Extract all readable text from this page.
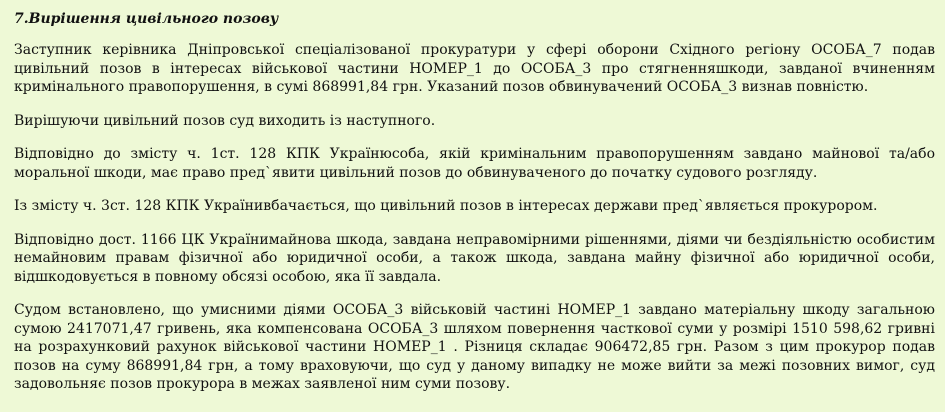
7.Вирішення цивільного позову

Заступник керівника Дніпровської спеціалізованої прокуратури у сфері оборони Східного регіону ОСОБА_7 подав цивільний позов в інтересах військової частини НОМЕР_1 до ОСОБА_3 про стягненняшкоди, завданої вчиненням кримінального правопорушення, в сумі 868991,84 грн. Указаний позов обвинувачений ОСОБА_3 визнав повністю.

Вирішуючи цивільний позов суд виходить із наступного.

Відповідно до змісту ч. 1ст. 128 КПК Українюсоба, якій кримінальним правопорушенням завдано майнової та/або моральної шкоди, має право пред`явити цивільний позов до обвинуваченого до початку судового розгляду.

Із змісту ч. 3ст. 128 КПК Українивбачається, що цивільний позов в інтересах держави пред`являється прокурором.

Відповідно дост. 1166 ЦК Українимайнова шкода, завдана неправомірними рішеннями, діями чи бездіяльністю особистим немайновим правам фізичної або юридичної особи, а також шкода, завдана майну фізичної або юридичної особи, відшкодовується в повному обсязі особою, яка її завдала.

Судом встановлено, що умисними діями ОСОБА_3 військовій частині НОМЕР_1 завдано матеріальну шкоду загальною сумою 2417071,47 гривень, яка компенсована ОСОБА_3 шляхом повернення часткової суми у розмірі 1510 598,62 гривні на розрахунковий рахунок військової частини НОМЕР_1 . Різниця складає 906472,85 грн. Разом з цим прокурор подав позов на суму 868991,84 грн, а тому враховуючи, що суд у даному випадку не може вийти за межі позовних вимог, суд задовольняє позов прокурора в межах заявленої ним суми позову.
